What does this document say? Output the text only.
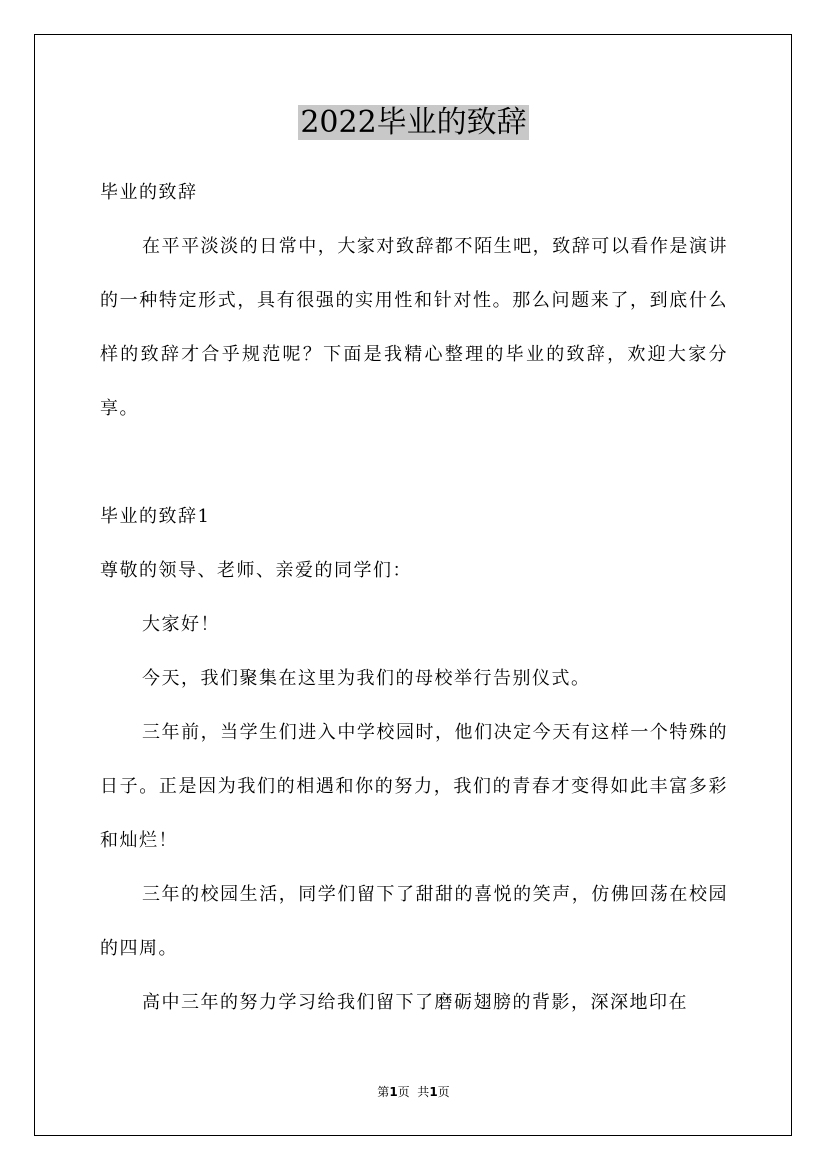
2022毕业的致辞

毕业的致辞

在平平淡淡的日常中，大家对致辞都不陌生吧，致辞可以看作是演讲的一种特定形式，具有很强的实用性和针对性。那么问题来了，到底什么样的致辞才合乎规范呢？下面是我精心整理的毕业的致辞，欢迎大家分享。

毕业的致辞1

尊敬的领导、老师、亲爱的同学们：

大家好！

今天，我们聚集在这里为我们的母校举行告别仪式。

三年前，当学生们进入中学校园时，他们决定今天有这样一个特殊的日子。正是因为我们的相遇和你的努力，我们的青春才变得如此丰富多彩和灿烂！

三年的校园生活，同学们留下了甜甜的喜悦的笑声，仿佛回荡在校园的四周。

高中三年的努力学习给我们留下了磨砺翅膀的背影，深深地印在

第1页  共1页
